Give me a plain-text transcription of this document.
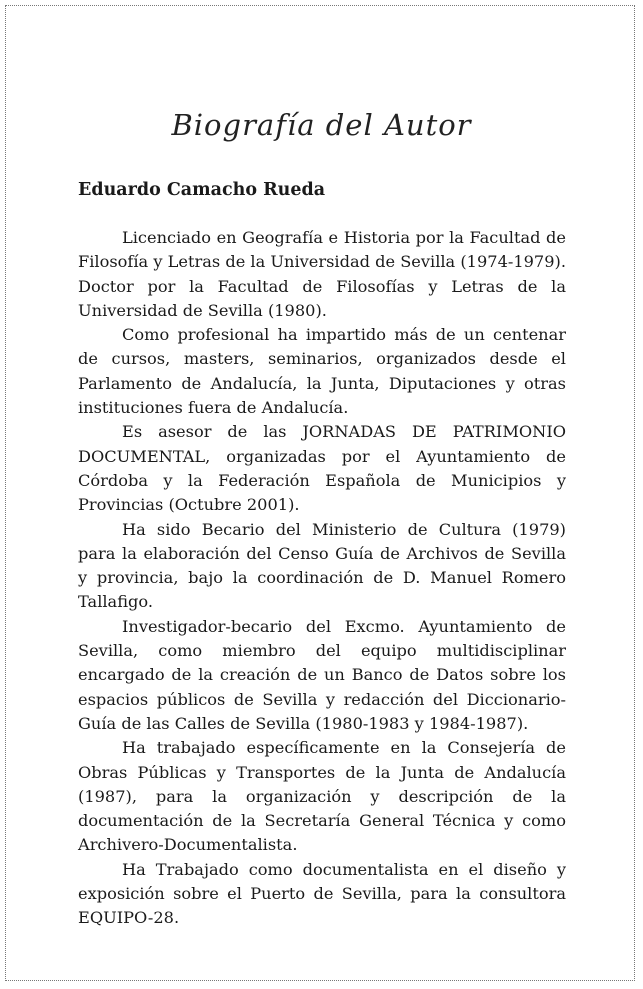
Biografía del Autor
Eduardo Camacho Rueda

Licenciado en Geografía e Historia por la Facultad de Filosofía y Letras de la Universidad de Sevilla (1974-1979). Doctor por la Facultad de Filosofías y Letras de la Universidad de Sevilla (1980).

Como profesional ha impartido más de un centenar de cursos, masters, seminarios, organizados desde el Parlamento de Andalucía, la Junta, Diputaciones y otras instituciones fuera de Andalucía.

Es asesor de las JORNADAS DE PATRIMONIO DOCUMENTAL, organizadas por el Ayuntamiento de Córdoba y la Federación Española de Municipios y Provincias (Octubre 2001).

Ha sido Becario del Ministerio de Cultura (1979) para la elaboración del Censo Guía de Archivos de Sevilla y provincia, bajo la coordinación de D. Manuel Romero Tallafigo.

Investigador-becario del Excmo. Ayuntamiento de Sevilla, como miembro del equipo multidisciplinar encargado de la creación de un Banco de Datos sobre los espacios públicos de Sevilla y redacción del Diccionario-Guía de las Calles de Sevilla (1980-1983 y 1984-1987).

Ha trabajado específicamente en la Consejería de Obras Públicas y Transportes de la Junta de Andalucía (1987), para la organización y descripción de la documentación de la Secretaría General Técnica y como Archivero-Documentalista.

Ha Trabajado como documentalista en el diseño y exposición sobre el Puerto de Sevilla, para la consultora EQUIPO-28.
